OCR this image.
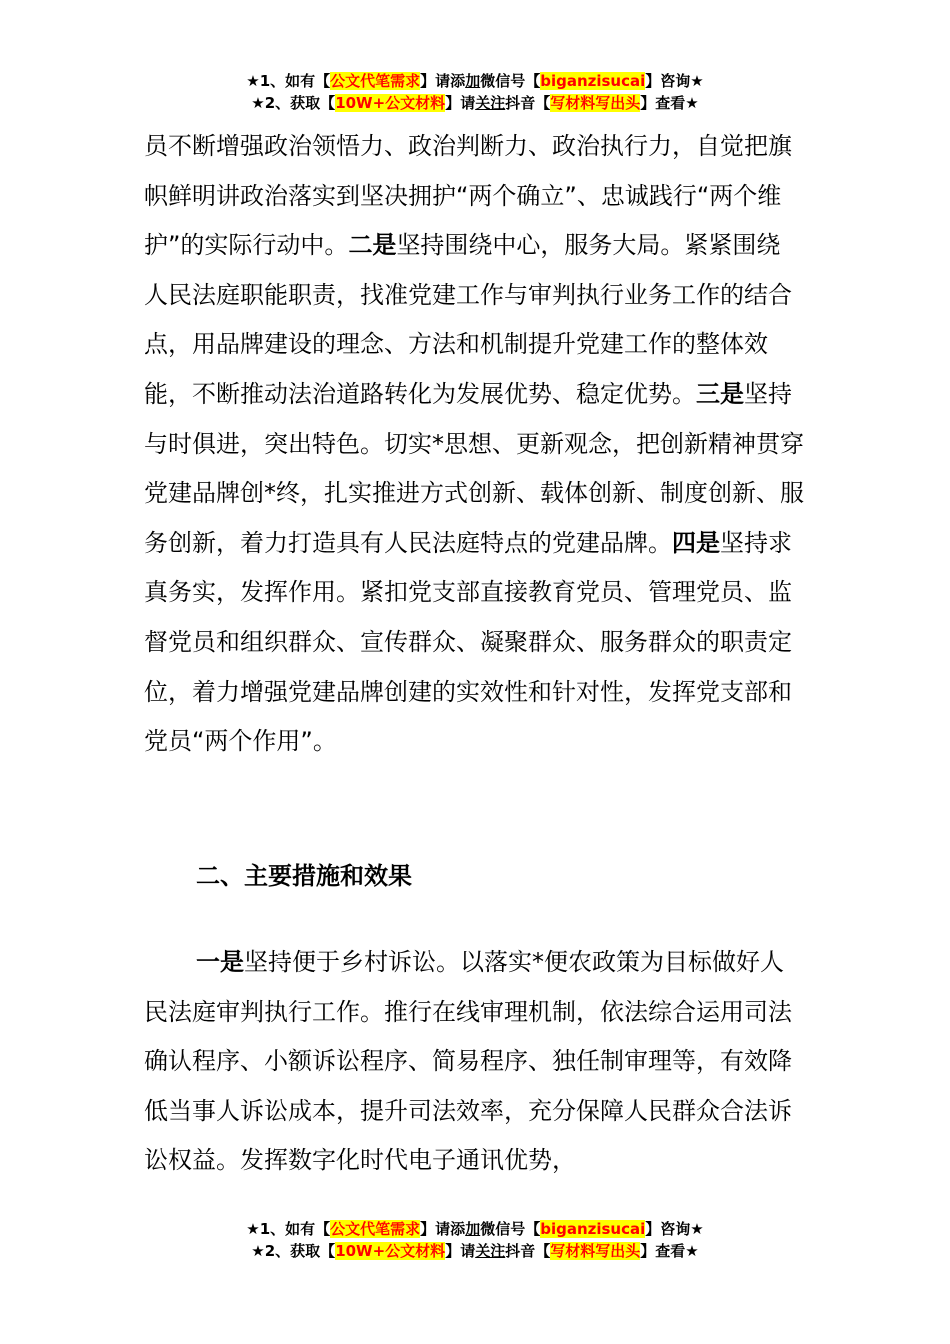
★1、如有【公文代笔需求】请添加微信号【biganzisucai】咨询★
★2、获取【10W+公文材料】请关注抖音【写材料写出头】查看★

员不断增强政治领悟力、政治判断力、政治执行力，自觉把旗帜鲜明讲政治落实到坚决拥护“两个确立”、忠诚践行“两个维护”的实际行动中。二是坚持围绕中心，服务大局。紧紧围绕人民法庭职能职责，找准党建工作与审判执行业务工作的结合点，用品牌建设的理念、方法和机制提升党建工作的整体效能，不断推动法治道路转化为发展优势、稳定优势。三是坚持与时俱进，突出特色。切实*思想、更新观念，把创新精神贯穿党建品牌创*终，扎实推进方式创新、载体创新、制度创新、服务创新，着力打造具有人民法庭特点的党建品牌。四是坚持求真务实，发挥作用。紧扣党支部直接教育党员、管理党员、监督党员和组织群众、宣传群众、凝聚群众、服务群众的职责定位，着力增强党建品牌创建的实效性和针对性，发挥党支部和党员“两个作用”。

二、主要措施和效果

一是坚持便于乡村诉讼。以落实*便农政策为目标做好人民法庭审判执行工作。推行在线审理机制，依法综合运用司法确认程序、小额诉讼程序、简易程序、独任制审理等，有效降低当事人诉讼成本，提升司法效率，充分保障人民群众合法诉讼权益。发挥数字化时代电子通讯优势，

★1、如有【公文代笔需求】请添加微信号【biganzisucai】咨询★
★2、获取【10W+公文材料】请关注抖音【写材料写出头】查看★
